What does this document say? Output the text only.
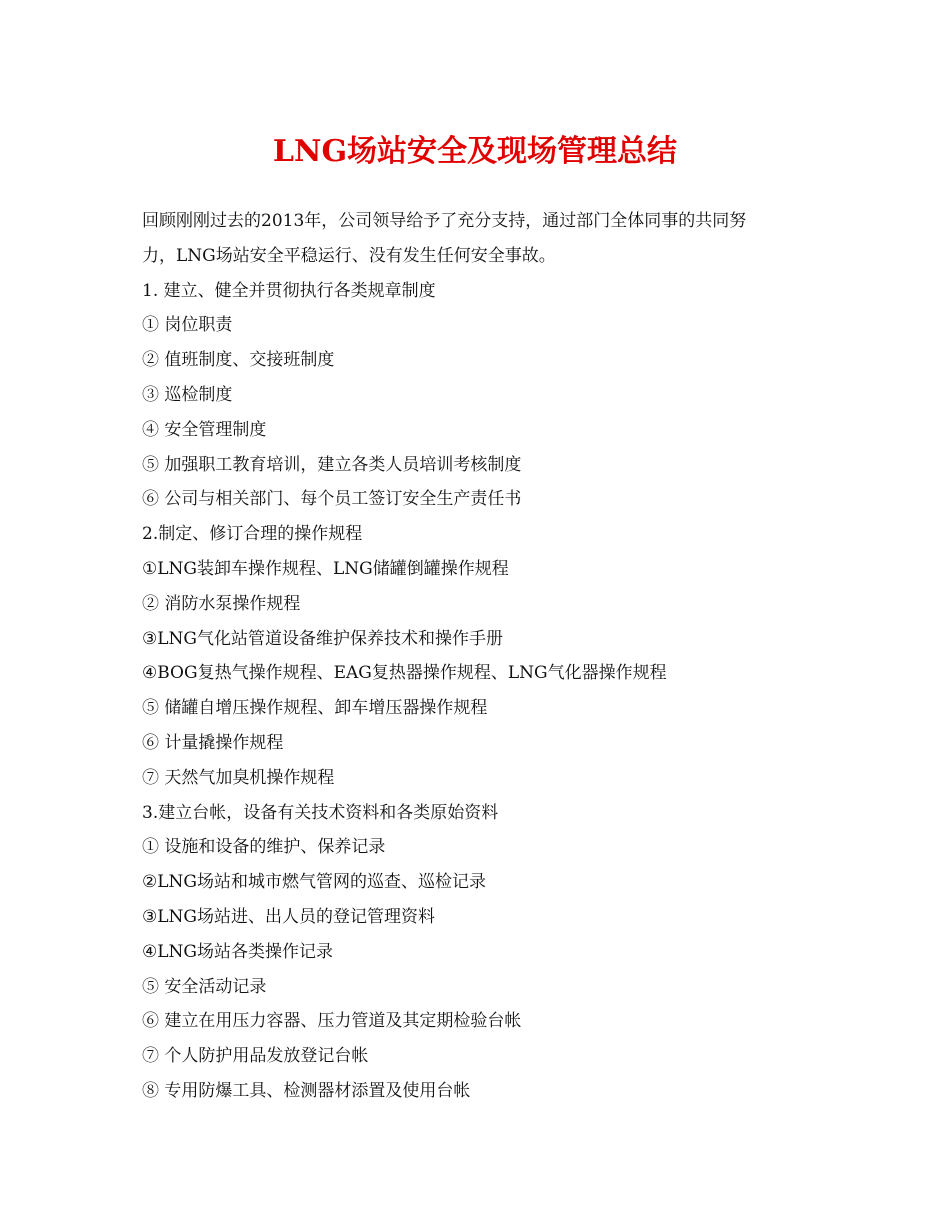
LNG场站安全及现场管理总结
回顾刚刚过去的2013年，公司领导给予了充分支持，通过部门全体同事的共同努
力，LNG场站安全平稳运行、没有发生任何安全事故。
1. 建立、健全并贯彻执行各类规章制度
① 岗位职责
② 值班制度、交接班制度
③ 巡检制度
④ 安全管理制度
⑤ 加强职工教育培训，建立各类人员培训考核制度
⑥ 公司与相关部门、每个员工签订安全生产责任书
2.制定、修订合理的操作规程
①LNG装卸车操作规程、LNG储罐倒罐操作规程
② 消防水泵操作规程
③LNG气化站管道设备维护保养技术和操作手册
④BOG复热气操作规程、EAG复热器操作规程、LNG气化器操作规程
⑤ 储罐自增压操作规程、卸车增压器操作规程
⑥ 计量撬操作规程
⑦ 天然气加臭机操作规程
3.建立台帐，设备有关技术资料和各类原始资料
① 设施和设备的维护、保养记录
②LNG场站和城市燃气管网的巡查、巡检记录
③LNG场站进、出人员的登记管理资料
④LNG场站各类操作记录
⑤ 安全活动记录
⑥ 建立在用压力容器、压力管道及其定期检验台帐
⑦ 个人防护用品发放登记台帐
⑧ 专用防爆工具、检测器材添置及使用台帐
